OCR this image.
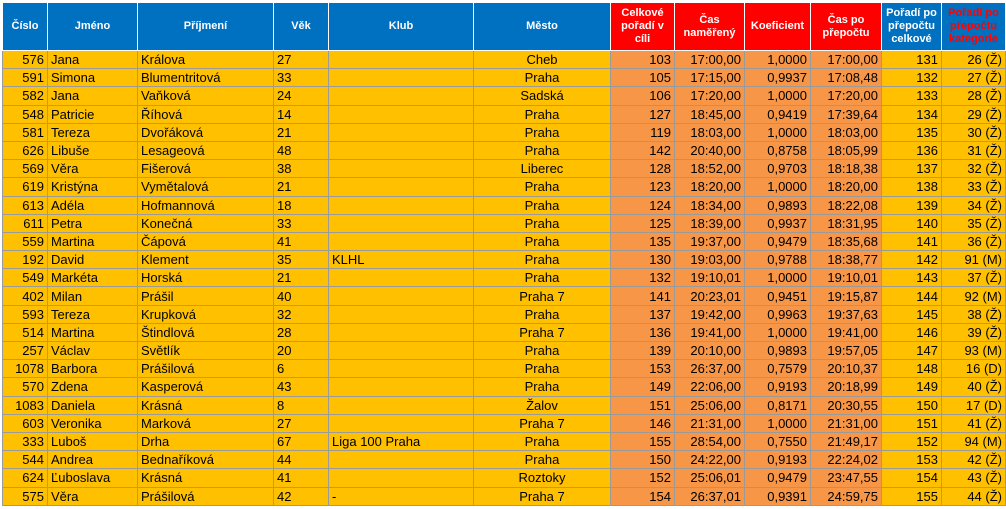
Číslo	Jméno	Příjmení	Věk	Klub	Město	Celkové pořadí v cíli	Čas naměřený	Koeficient	Čas po přepočtu	Pořadí po přepočtu celkové	Pořadí po přepočtu kategorie
576	Jana	Králova	27		Cheb	103	17:00,00	1,0000	17:00,00	131	26 (Ž)
591	Simona	Blumentritová	33		Praha	105	17:15,00	0,9937	17:08,48	132	27 (Ž)
582	Jana	Vaňková	24		Sadská	106	17:20,00	1,0000	17:20,00	133	28 (Ž)
548	Patricie	Říhová	14		Praha	127	18:45,00	0,9419	17:39,64	134	29 (Ž)
581	Tereza	Dvořáková	21		Praha	119	18:03,00	1,0000	18:03,00	135	30 (Ž)
626	Libuše	Lesageová	48		Praha	142	20:40,00	0,8758	18:05,99	136	31 (Ž)
569	Věra	Fišerová	38		Liberec	128	18:52,00	0,9703	18:18,38	137	32 (Ž)
619	Kristýna	Vymětalová	21		Praha	123	18:20,00	1,0000	18:20,00	138	33 (Ž)
613	Adéla	Hofmannová	18		Praha	124	18:34,00	0,9893	18:22,08	139	34 (Ž)
611	Petra	Konečná	33		Praha	125	18:39,00	0,9937	18:31,95	140	35 (Ž)
559	Martina	Čápová	41		Praha	135	19:37,00	0,9479	18:35,68	141	36 (Ž)
192	David	Klement	35	KLHL	Praha	130	19:03,00	0,9788	18:38,77	142	91 (M)
549	Markéta	Horská	21		Praha	132	19:10,01	1,0000	19:10,01	143	37 (Ž)
402	Milan	Prášil	40		Praha 7	141	20:23,01	0,9451	19:15,87	144	92 (M)
593	Tereza	Krupková	32		Praha	137	19:42,00	0,9963	19:37,63	145	38 (Ž)
514	Martina	Štindlová	28		Praha 7	136	19:41,00	1,0000	19:41,00	146	39 (Ž)
257	Václav	Světlík	20		Praha	139	20:10,00	0,9893	19:57,05	147	93 (M)
1078	Barbora	Prášilová	6		Praha	153	26:37,00	0,7579	20:10,37	148	16 (D)
570	Zdena	Kasperová	43		Praha	149	22:06,00	0,9193	20:18,99	149	40 (Ž)
1083	Daniela	Krásná	8		Žalov	151	25:06,00	0,8171	20:30,55	150	17 (D)
603	Veronika	Marková	27		Praha 7	146	21:31,00	1,0000	21:31,00	151	41 (Ž)
333	Luboš	Drha	67	Liga 100 Praha	Praha	155	28:54,00	0,7550	21:49,17	152	94 (M)
544	Andrea	Bednaříková	44		Praha	150	24:22,00	0,9193	22:24,02	153	42 (Ž)
624	Ľuboslava	Krásná	41		Roztoky	152	25:06,01	0,9479	23:47,55	154	43 (Ž)
575	Věra	Prášilová	42	-	Praha 7	154	26:37,01	0,9391	24:59,75	155	44 (Ž)
